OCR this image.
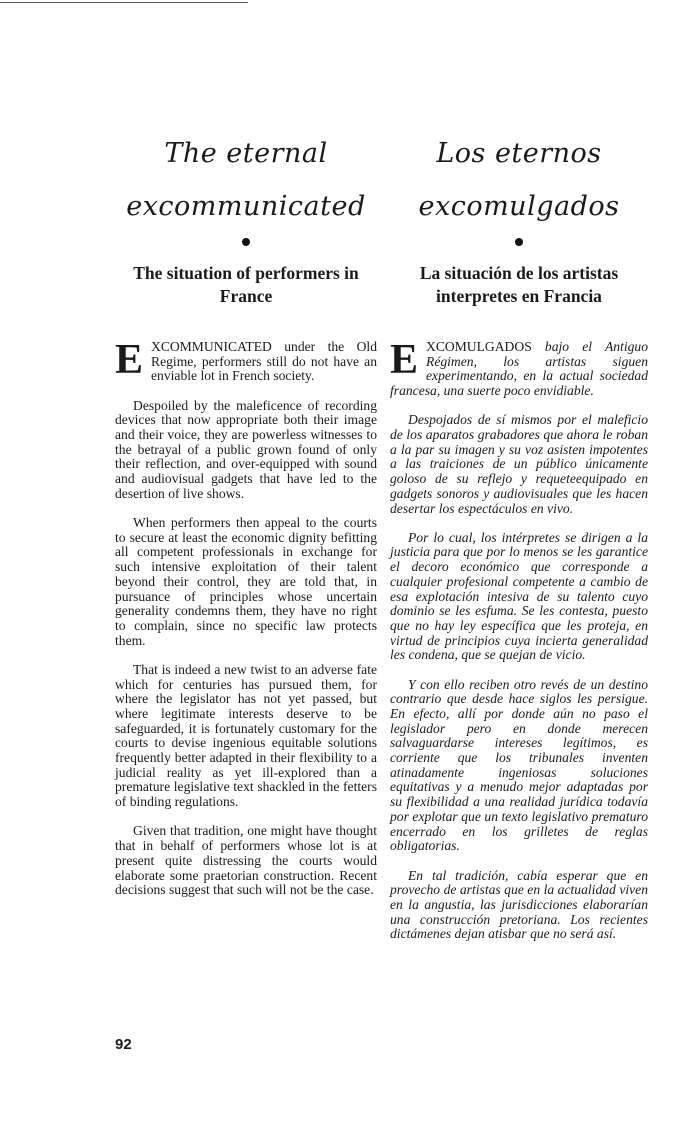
The eternal
excommunicated
The situation of performers in France

EXCOMMUNICATED under the Old Regime, performers still do not have an enviable lot in French society.

Despoiled by the maleficence of recording devices that now appropriate both their image and their voice, they are powerless witnesses to the betrayal of a public grown found of only their reflection, and over-equipped with sound and audiovisual gadgets that have led to the desertion of live shows.

When performers then appeal to the courts to secure at least the economic dignity befitting all competent professionals in exchange for such intensive exploitation of their talent beyond their control, they are told that, in pursuance of principles whose uncertain generality condemns them, they have no right to complain, since no specific law protects them.

That is indeed a new twist to an adverse fate which for centuries has pursued them, for where the legislator has not yet passed, but where legitimate interests deserve to be safeguarded, it is fortunately customary for the courts to devise ingenious equitable solutions frequently better adapted in their flexibility to a judicial reality as yet ill-explored than a premature legislative text shackled in the fetters of binding regulations.

Given that tradition, one might have thought that in behalf of performers whose lot is at present quite distressing the courts would elaborate some praetorian construction. Recent decisions suggest that such will not be the case.

Los eternos
excomulgados
La situación de los artistas interpretes en Francia

EXCOMULGADOS bajo el Antiguo Régimen, los artistas siguen experimentando, en la actual sociedad francesa, una suerte poco envidiable.

Despojados de sí mismos por el maleficio de los aparatos grabadores que ahora le roban a la par su imagen y su voz asisten impotentes a las traiciones de un público únicamente goloso de su reflejo y requeteequipado en gadgets sonoros y audiovisuales que les hacen desertar los espectáculos en vivo.

Por lo cual, los intérpretes se dirigen a la justicia para que por lo menos se les garantice el decoro económico que corresponde a cualquier profesional competente a cambio de esa explotación intesiva de su talento cuyo dominio se les esfuma. Se les contesta, puesto que no hay ley específica que les proteja, en virtud de principios cuya incierta generalidad les condena, que se quejan de vicio.

Y con ello reciben otro revés de un destino contrario que desde hace siglos les persigue. En efecto, allí por donde aún no paso el legislador pero en donde merecen salvaguardarse intereses legítimos, es corriente que los tribunales inventen atinadamente ingeniosas soluciones equitativas y a menudo mejor adaptadas por su flexibilidad a una realidad jurídica todavía por explotar que un texto legislativo prematuro encerrado en los grilletes de reglas obligatorias.

En tal tradición, cabía esperar que en provecho de artistas que en la actualidad viven en la angustia, las jurisdicciones elaborarían una construcción pretoriana. Los recientes dictámenes dejan atisbar que no será así.

92
